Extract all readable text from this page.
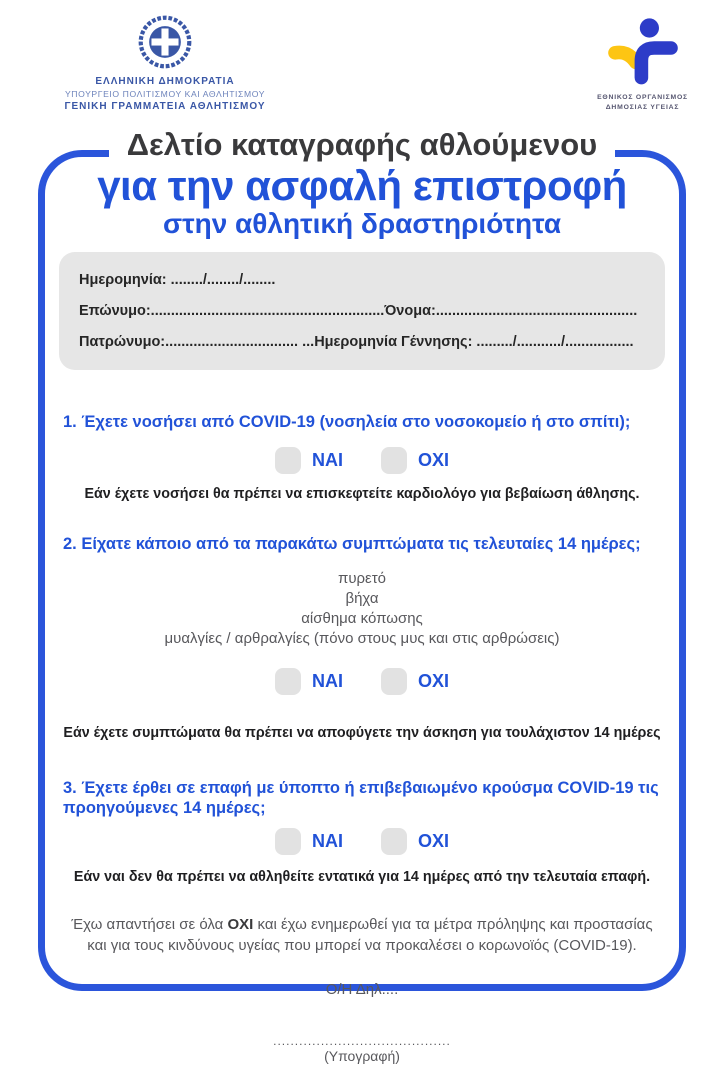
ΕΛΛΗΝΙΚΗ ΔΗΜΟΚΡΑΤΙΑ
ΥΠΟΥΡΓΕΙΟ ΠΟΛΙΤΙΣΜΟΥ ΚΑΙ ΑΘΛΗΤΙΣΜΟΥ
ΓΕΝΙΚΗ ΓΡΑΜΜΑΤΕΙΑ ΑΘΛΗΤΙΣΜΟΥ
ΕΘΝΙΚΟΣ ΟΡΓΑΝΙΣΜΟΣ
ΔΗΜΟΣΙΑΣ ΥΓΕΙΑΣ
Δελτίο καταγραφής αθλούμενου
για την ασφαλή επιστροφή
στην αθλητική δραστηριότητα
Ημερομηνία: ......../......../........
Επώνυμο:..........................................................Όνομα:..................................................
Πατρώνυμο:................................. ...Ημερομηνία Γέννησης: ........./.........../.................
1. Έχετε νοσήσει από COVID-19 (νοσηλεία στο νοσοκομείο ή στο σπίτι);
ΝΑΙ	ΟΧΙ
Εάν έχετε νοσήσει θα πρέπει να επισκεφτείτε καρδιολόγο για βεβαίωση άθλησης.
2. Είχατε κάποιο από τα παρακάτω συμπτώματα τις τελευταίες 14 ημέρες;
πυρετό
βήχα
αίσθημα κόπωσης
μυαλγίες / αρθραλγίες (πόνο στους μυς και στις αρθρώσεις)
ΝΑΙ	ΟΧΙ
Εάν έχετε συμπτώματα θα πρέπει να αποφύγετε την άσκηση για τουλάχιστον 14 ημέρες
3. Έχετε έρθει σε επαφή με ύποπτο ή επιβεβαιωμένο κρούσμα COVID-19 τις προηγούμενες 14 ημέρες;
ΝΑΙ	ΟΧΙ
Εάν ναι δεν θα πρέπει να αθληθείτε εντατικά για 14 ημέρες από την τελευταία επαφή.
Έχω απαντήσει σε όλα ΟΧΙ και έχω ενημερωθεί για τα μέτρα πρόληψης και προστασίας και για τους κινδύνους υγείας που μπορεί να προκαλέσει ο κορωνοϊός (COVID-19).
Ο/Η Δηλ....
.........................................
(Υπογραφή)
